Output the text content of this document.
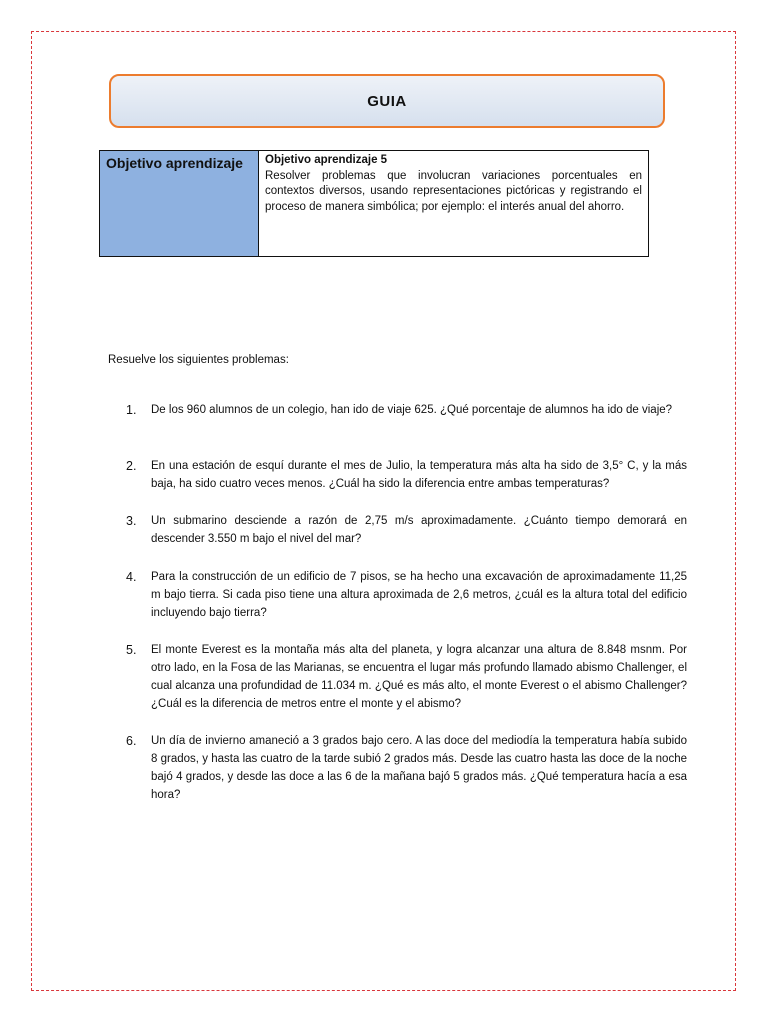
GUIA
Objetivo aprendizaje	Objetivo aprendizaje 5
Resolver problemas que involucran variaciones porcentuales en contextos diversos, usando representaciones pictóricas y registrando el proceso de manera simbólica; por ejemplo: el interés anual del ahorro.
Resuelve los siguientes problemas:
1. De los 960 alumnos de un colegio, han ido de viaje 625. ¿Qué porcentaje de alumnos ha ido de viaje?
2. En una estación de esquí durante el mes de Julio, la temperatura más alta ha sido de 3,5° C, y la más baja, ha sido cuatro veces menos. ¿Cuál ha sido la diferencia entre ambas temperaturas?
3. Un submarino desciende a razón de 2,75 m/s aproximadamente. ¿Cuánto tiempo demorará en descender 3.550 m bajo el nivel del mar?
4. Para la construcción de un edificio de 7 pisos, se ha hecho una excavación de aproximadamente 11,25 m bajo tierra. Si cada piso tiene una altura aproximada de 2,6 metros, ¿cuál es la altura total del edificio incluyendo bajo tierra?
5. El monte Everest es la montaña más alta del planeta, y logra alcanzar una altura de 8.848 msnm. Por otro lado, en la Fosa de las Marianas, se encuentra el lugar más profundo llamado abismo Challenger, el cual alcanza una profundidad de 11.034 m. ¿Qué es más alto, el monte Everest o el abismo Challenger? ¿Cuál es la diferencia de metros entre el monte y el abismo?
6. Un día de invierno amaneció a 3 grados bajo cero. A las doce del mediodía la temperatura había subido 8 grados, y hasta las cuatro de la tarde subió 2 grados más. Desde las cuatro hasta las doce de la noche bajó 4 grados, y desde las doce a las 6 de la mañana bajó 5 grados más. ¿Qué temperatura hacía a esa hora?
